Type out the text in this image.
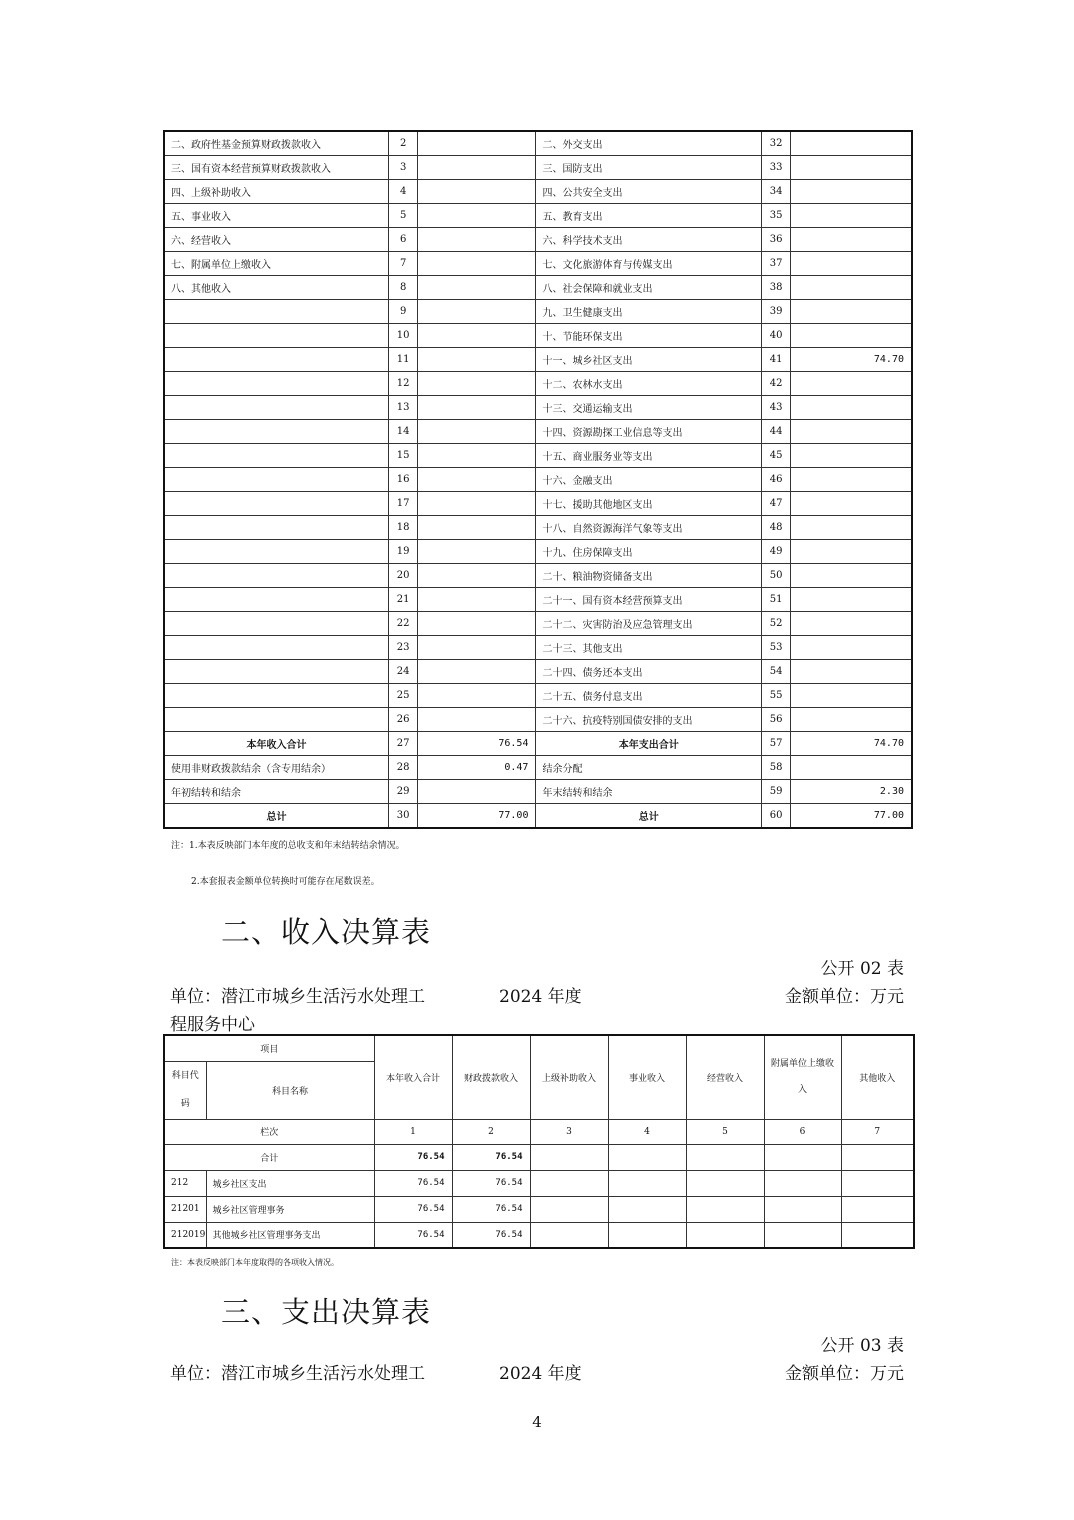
二、政府性基金预算财政拨款收入	2		二、外交支出	32	
三、国有资本经营预算财政拨款收入	3		三、国防支出	33	
四、上级补助收入	4		四、公共安全支出	34	
五、事业收入	5		五、教育支出	35	
六、经营收入	6		六、科学技术支出	36	
七、附属单位上缴收入	7		七、文化旅游体育与传媒支出	37	
八、其他收入	8		八、社会保障和就业支出	38	
	9		九、卫生健康支出	39	
	10		十、节能环保支出	40	
	11		十一、城乡社区支出	41	74.70
	12		十二、农林水支出	42	
	13		十三、交通运输支出	43	
	14		十四、资源勘探工业信息等支出	44	
	15		十五、商业服务业等支出	45	
	16		十六、金融支出	46	
	17		十七、援助其他地区支出	47	
	18		十八、自然资源海洋气象等支出	48	
	19		十九、住房保障支出	49	
	20		二十、粮油物资储备支出	50	
	21		二十一、国有资本经营预算支出	51	
	22		二十二、灾害防治及应急管理支出	52	
	23		二十三、其他支出	53	
	24		二十四、债务还本支出	54	
	25		二十五、债务付息支出	55	
	26		二十六、抗疫特别国债安排的支出	56	
本年收入合计	27	76.54	本年支出合计	57	74.70
使用非财政拨款结余（含专用结余）	28	0.47	结余分配	58	
年初结转和结余	29		年末结转和结余	59	2.30
总计	30	77.00	总计	60	77.00
注：1.本表反映部门本年度的总收支和年末结转结余情况。
2.本套报表金额单位转换时可能存在尾数误差。
二、收入决算表
公开 02 表
单位：潜江市城乡生活污水处理工
程服务中心
2024 年度	金额单位：万元
项目		本年收入合计	财政拨款收入	上级补助收入	事业收入	经营收入	附属单位上缴收
入	其他收入
科目代
码	科目名称							
栏次		1	2	3	4	5	6	7
合计		76.54	76.54					
212	城乡社区支出	76.54	76.54					
21201	城乡社区管理事务	76.54	76.54					
212019	其他城乡社区管理事务支出	76.54	76.54					
注：本表反映部门本年度取得的各项收入情况。
三、支出决算表
公开 03 表
单位：潜江市城乡生活污水处理工	2024 年度	金额单位：万元
4
